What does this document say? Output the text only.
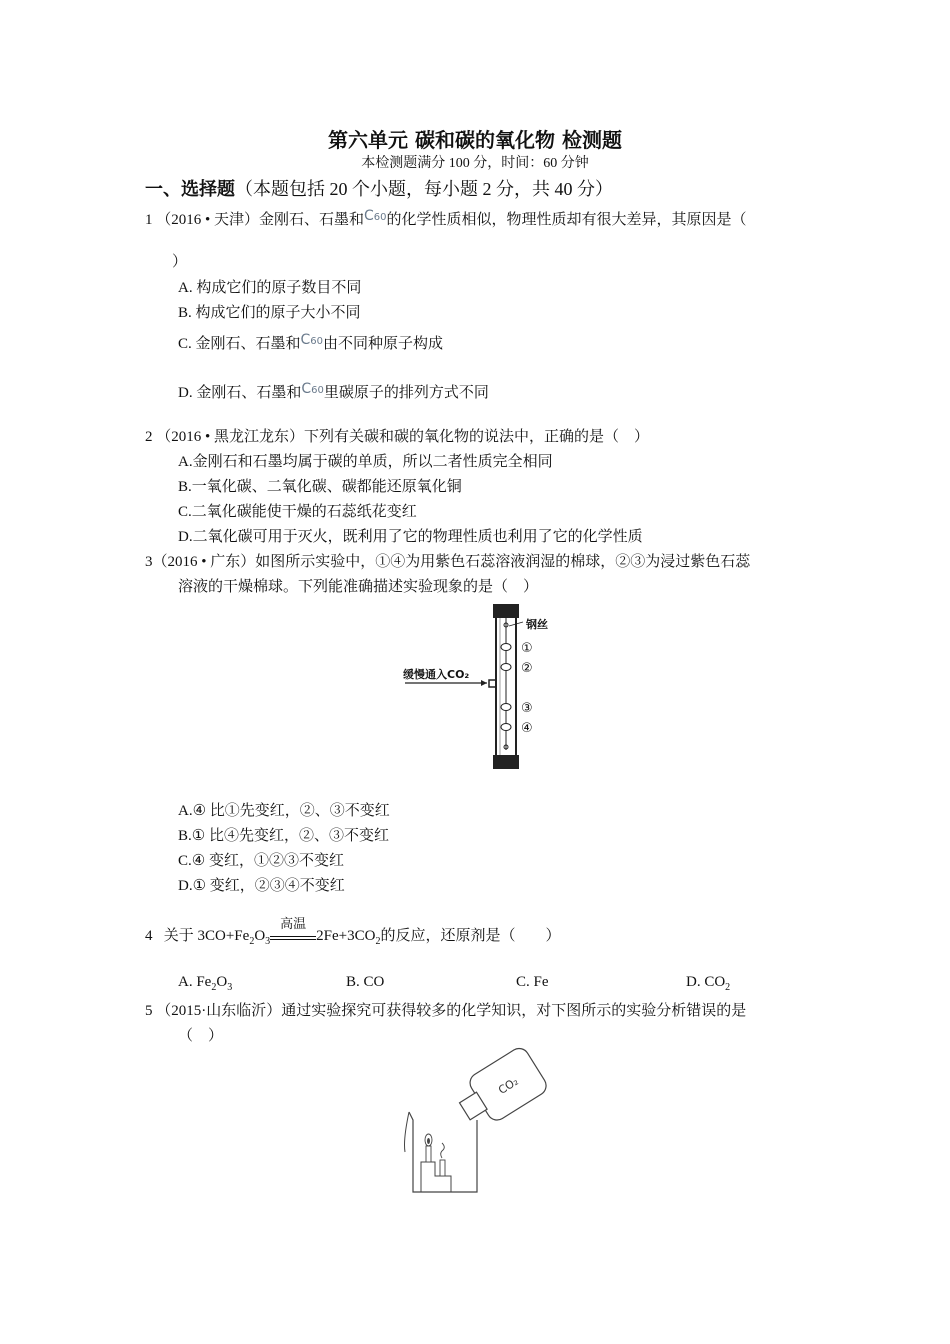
第六单元 碳和碳的氧化物 检测题
本检测题满分 100 分，时间：60 分钟
一、选择题（本题包括 20 个小题，每小题 2 分，共 40 分）
1 （2016 • 天津）金刚石、石墨和C60的化学性质相似，物理性质却有很大差异，其原因是（
）
A. 构成它们的原子数目不同
B. 构成它们的原子大小不同
C. 金刚石、石墨和C60由不同种原子构成
D. 金刚石、石墨和C60里碳原子的排列方式不同
2 （2016 • 黑龙江龙东）下列有关碳和碳的氧化物的说法中，正确的是（　）
A.金刚石和石墨均属于碳的单质，所以二者性质完全相同
B.一氧化碳、二氧化碳、碳都能还原氧化铜
C.二氧化碳能使干燥的石蕊纸花变红
D.二氧化碳可用于灭火，既利用了它的物理性质也利用了它的化学性质
3（2016 • 广东）如图所示实验中，①④为用紫色石蕊溶液润湿的棉球，②③为浸过紫色石蕊
溶液的干燥棉球。下列能准确描述实验现象的是（　）
缓慢通入CO₂
钢丝
①
②
③
④
A.④ 比①先变红，②、③不变红
B.① 比④先变红，②、③不变红
C.④ 变红，①②③不变红
D.① 变红，②③④不变红
4 关于 $3CO+Fe_2O_3$
高温
$2Fe+3CO_2$的反应，还原剂是（　　）
A. $Fe_2O_3$	B. CO	C. Fe	D. $CO_2$
5 （2015·山东临沂）通过实验探究可获得较多的化学知识，对下图所示的实验分析错误的是
（　）
CO₂
